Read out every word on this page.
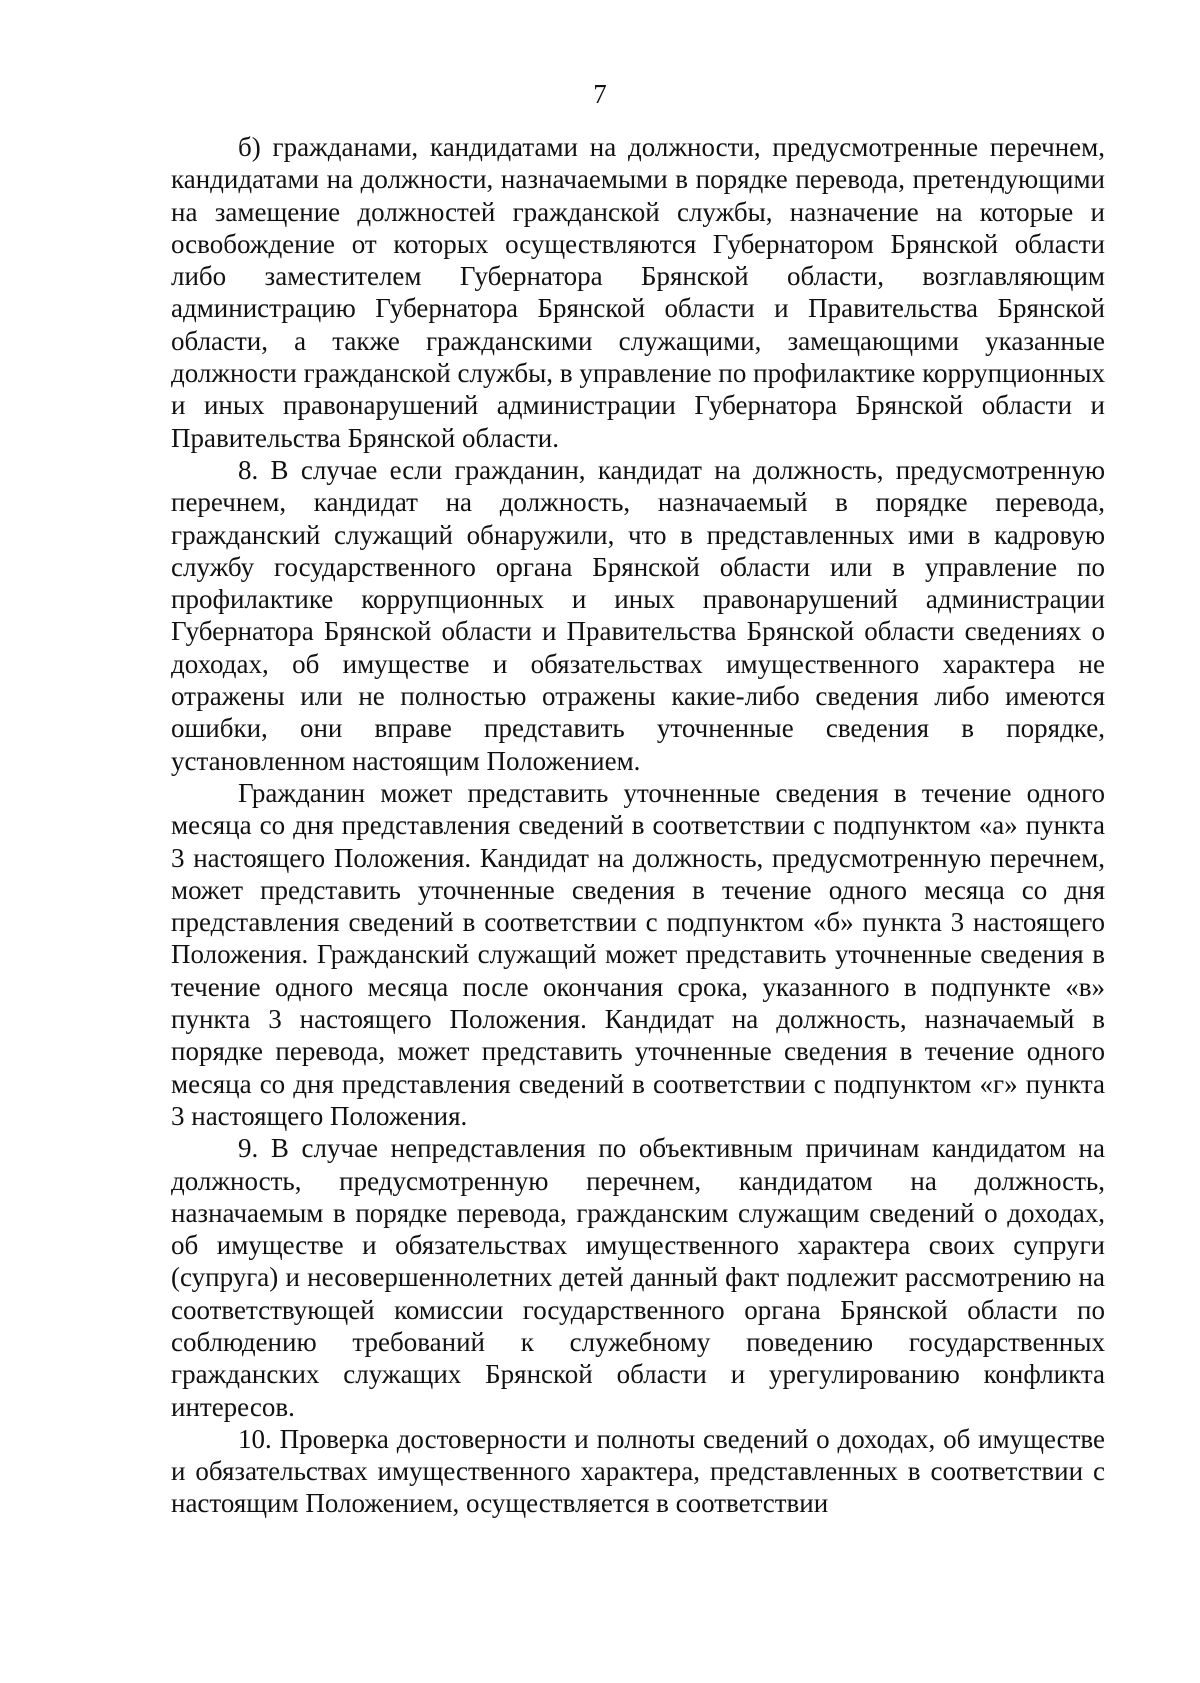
7

б) гражданами, кандидатами на должности, предусмотренные перечнем, кандидатами на должности, назначаемыми в порядке перевода, претендующими на замещение должностей гражданской службы, назначение на которые и освобождение от которых осуществляются Губернатором Брянской области либо заместителем Губернатора Брянской области, возглавляющим администрацию Губернатора Брянской области и Правительства Брянской области, а также гражданскими служащими, замещающими указанные должности гражданской службы, в управление по профилактике коррупционных и иных правонарушений администрации Губернатора Брянской области и Правительства Брянской области.

8. В случае если гражданин, кандидат на должность, предусмотренную перечнем, кандидат на должность, назначаемый в порядке перевода, гражданский служащий обнаружили, что в представленных ими в кадровую службу государственного органа Брянской области или в управление по профилактике коррупционных и иных правонарушений администрации Губернатора Брянской области и Правительства Брянской области сведениях о доходах, об имуществе и обязательствах имущественного характера не отражены или не полностью отражены какие-либо сведения либо имеются ошибки, они вправе представить уточненные сведения в порядке, установленном настоящим Положением.

Гражданин может представить уточненные сведения в течение одного месяца со дня представления сведений в соответствии с подпунктом «а» пункта 3 настоящего Положения. Кандидат на должность, предусмотренную перечнем, может представить уточненные сведения в течение одного месяца со дня представления сведений в соответствии с подпунктом «б» пункта 3 настоящего Положения. Гражданский служащий может представить уточненные сведения в течение одного месяца после окончания срока, указанного в подпункте «в» пункта 3 настоящего Положения. Кандидат на должность, назначаемый в порядке перевода, может представить уточненные сведения в течение одного месяца со дня представления сведений в соответствии с подпунктом «г» пункта 3 настоящего Положения.

9. В случае непредставления по объективным причинам кандидатом на должность, предусмотренную перечнем, кандидатом на должность, назначаемым в порядке перевода, гражданским служащим сведений о доходах, об имуществе и обязательствах имущественного характера своих супруги (супруга) и несовершеннолетних детей данный факт подлежит рассмотрению на соответствующей комиссии государственного органа Брянской области по соблюдению требований к служебному поведению государственных гражданских служащих Брянской области и урегулированию конфликта интересов.

10. Проверка достоверности и полноты сведений о доходах, об имуществе и обязательствах имущественного характера, представленных в соответствии с настоящим Положением, осуществляется в соответствии
